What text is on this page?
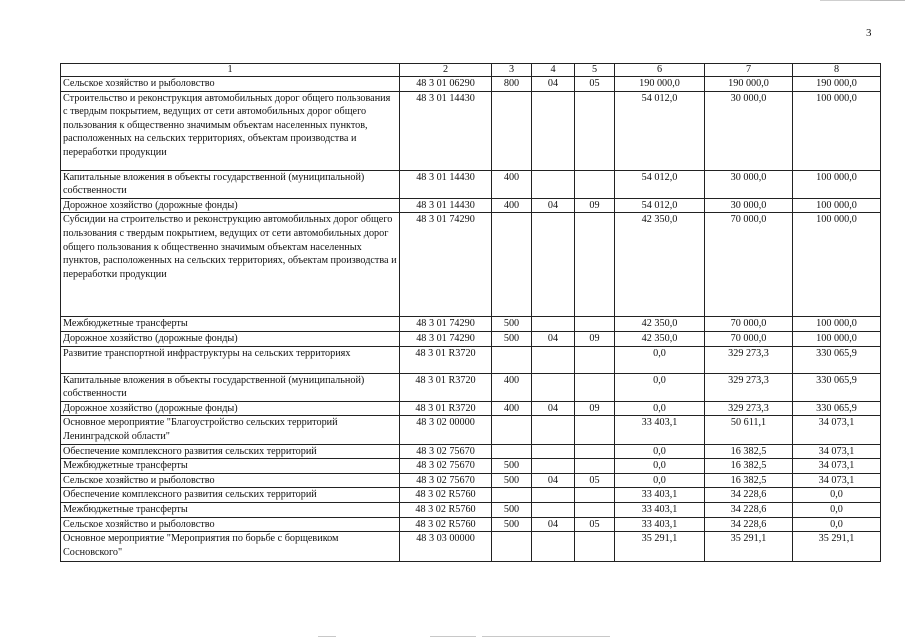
3
1	2	3	4	5	6	7	8
Сельское хозяйство и рыболовство	48 3 01 06290	800	04	05	190 000,0	190 000,0	190 000,0
Строительство и реконструкция автомобильных дорог общего пользования с твердым покрытием, ведущих от сети автомобильных дорог общего пользования к общественно значимым объектам населенных пунктов, расположенных на сельских территориях, объектам производства и переработки продукции	48 3 01 14430				54 012,0	30 000,0	100 000,0
Капитальные вложения в объекты государственной (муниципальной) собственности	48 3 01 14430	400			54 012,0	30 000,0	100 000,0
Дорожное хозяйство (дорожные фонды)	48 3 01 14430	400	04	09	54 012,0	30 000,0	100 000,0
Субсидии на строительство и реконструкцию автомобильных дорог общего пользования с твердым покрытием, ведущих от сети автомобильных дорог общего пользования к общественно значимым объектам населенных пунктов, расположенных на сельских территориях, объектам производства и переработки продукции	48 3 01 74290				42 350,0	70 000,0	100 000,0
Межбюджетные трансферты	48 3 01 74290	500			42 350,0	70 000,0	100 000,0
Дорожное хозяйство (дорожные фонды)	48 3 01 74290	500	04	09	42 350,0	70 000,0	100 000,0
Развитие транспортной инфраструктуры на сельских территориях	48 3 01 R3720				0,0	329 273,3	330 065,9
Капитальные вложения в объекты государственной (муниципальной) собственности	48 3 01 R3720	400			0,0	329 273,3	330 065,9
Дорожное хозяйство (дорожные фонды)	48 3 01 R3720	400	04	09	0,0	329 273,3	330 065,9
Основное мероприятие "Благоустройство сельских территорий Ленинградской области"	48 3 02 00000				33 403,1	50 611,1	34 073,1
Обеспечение комплексного развития сельских территорий	48 3 02 75670				0,0	16 382,5	34 073,1
Межбюджетные трансферты	48 3 02 75670	500			0,0	16 382,5	34 073,1
Сельское хозяйство и рыболовство	48 3 02 75670	500	04	05	0,0	16 382,5	34 073,1
Обеспечение комплексного развития сельских территорий	48 3 02 R5760				33 403,1	34 228,6	0,0
Межбюджетные трансферты	48 3 02 R5760	500			33 403,1	34 228,6	0,0
Сельское хозяйство и рыболовство	48 3 02 R5760	500	04	05	33 403,1	34 228,6	0,0
Основное мероприятие "Мероприятия по борьбе с борщевиком Сосновского"	48 3 03 00000				35 291,1	35 291,1	35 291,1
